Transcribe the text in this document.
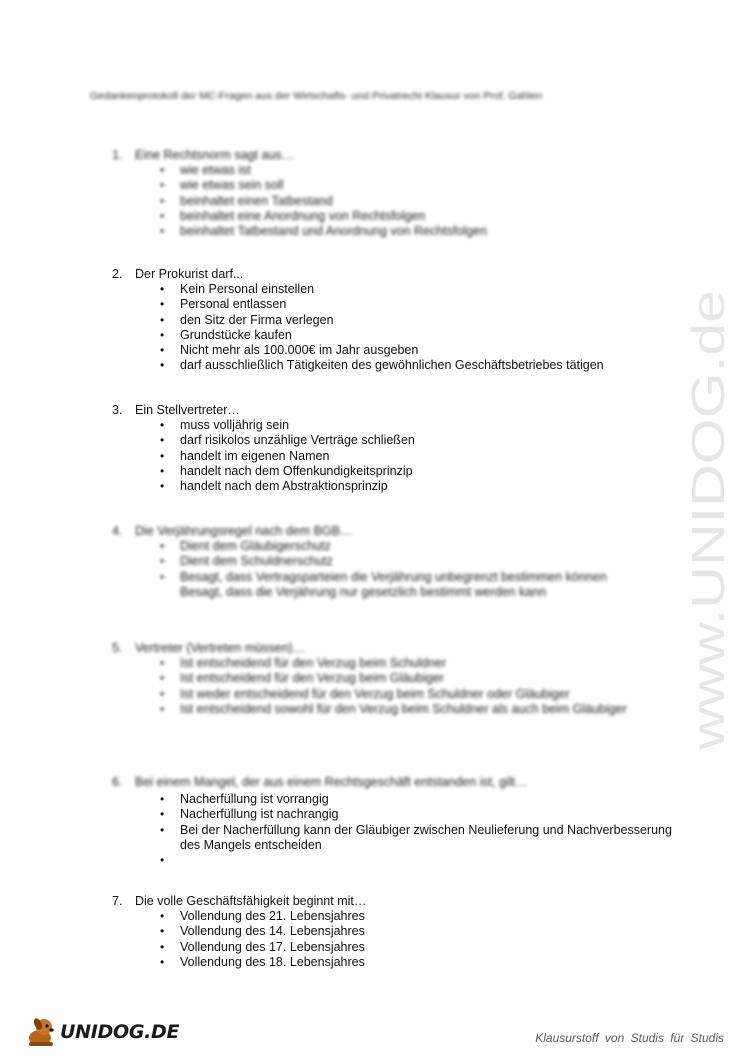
Gedankenprotokoll der MC-Fragen aus der Wirtschafts- und Privatrecht Klausur von Prof. Gahlen
1.	Eine Rechtsnorm sagt aus…
•	wie etwas ist
•	wie etwas sein soll
•	beinhaltet einen Tatbestand
•	beinhaltet eine Anordnung von Rechtsfolgen
•	beinhaltet Tatbestand und Anordnung von Rechtsfolgen
2.	Der Prokurist darf...
•	Kein Personal einstellen
•	Personal entlassen
•	den Sitz der Firma verlegen
•	Grundstücke kaufen
•	Nicht mehr als 100.000€ im Jahr ausgeben
•	darf ausschließlich Tätigkeiten des gewöhnlichen Geschäftsbetriebes tätigen
3.	Ein Stellvertreter…
•	muss volljährig sein
•	darf risikolos unzählige Verträge schließen
•	handelt im eigenen Namen
•	handelt nach dem Offenkundigkeitsprinzip
•	handelt nach dem Abstraktionsprinzip
4.	Die Verjährungsregel nach dem BGB…
•	Dient dem Gläubigerschutz
•	Dient dem Schuldnerschutz
•	Besagt, dass Vertragsparteien die Verjährung unbegrenzt bestimmen können
Besagt, dass die Verjährung nur gesetzlich bestimmt werden kann
5.	Vertreter (Vertreten müssen)…
•	Ist entscheidend für den Verzug beim Schuldner
•	Ist entscheidend für den Verzug beim Gläubiger
•	Ist weder entscheidend für den Verzug beim Schuldner oder Gläubiger
•	Ist entscheidend sowohl für den Verzug beim Schuldner als auch beim Gläubiger
6.	Bei einem Mangel, der aus einem Rechtsgeschäft entstanden ist, gilt…
•	Nacherfüllung ist vorrangig
•	Nacherfüllung ist nachrangig
•	Bei der Nacherfüllung kann der Gläubiger zwischen Neulieferung und Nachverbesserung des Mangels entscheiden
•
7.	Die volle Geschäftsfähigkeit beginnt mit…
•	Vollendung des 21. Lebensjahres
•	Vollendung des 14. Lebensjahres
•	Vollendung des 17. Lebensjahres
•	Vollendung des 18. Lebensjahres
www.UNIDOG.de
UNIDOG.DE	Klausurstoff von Studis für Studis
